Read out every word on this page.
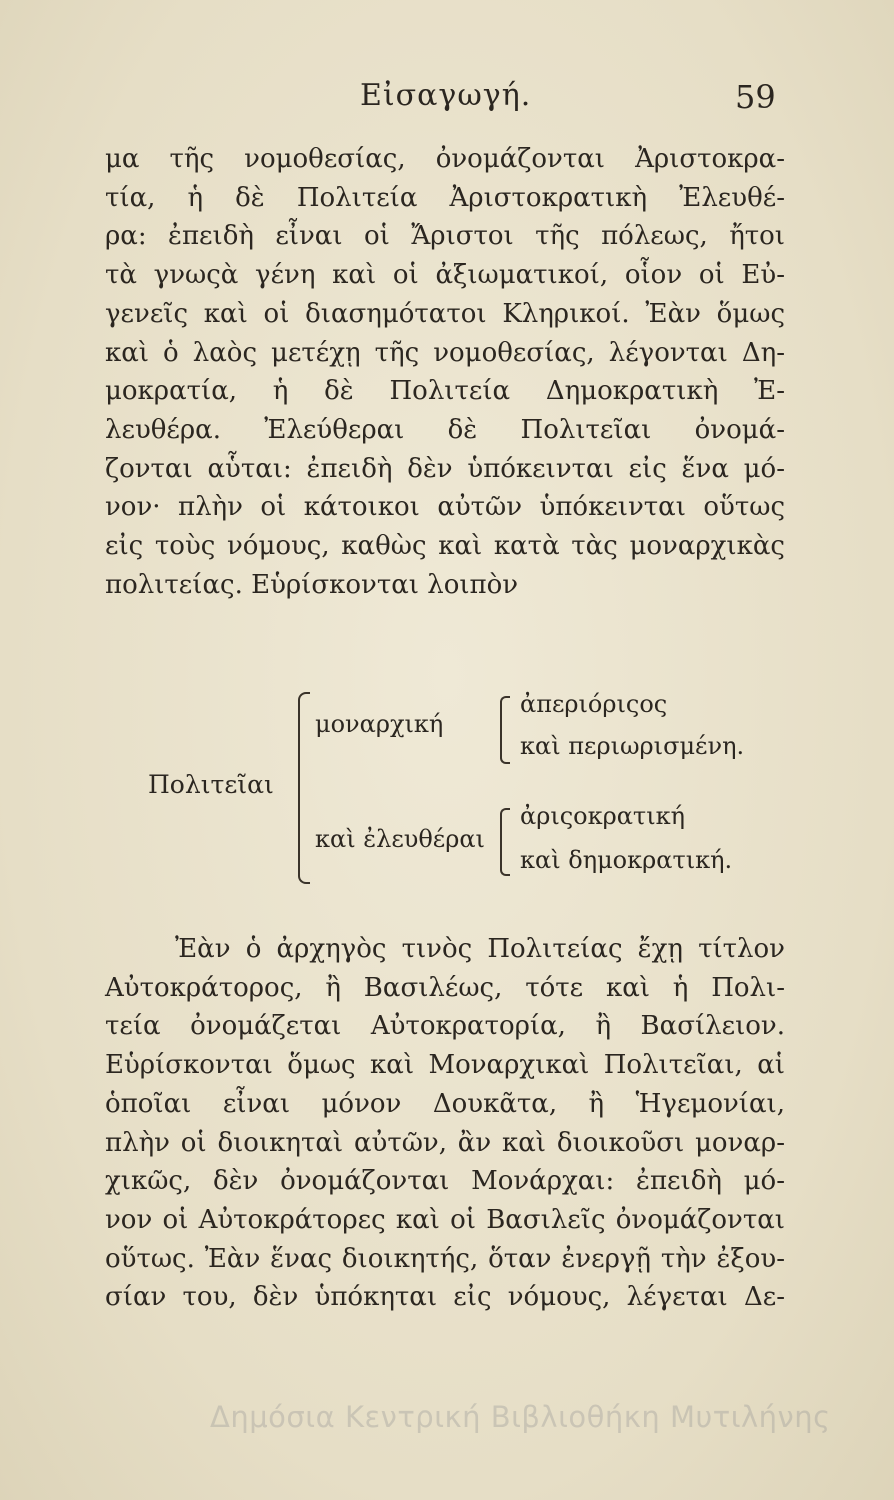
Εἰσαγωγή.	59
μα τῆς νομοθεσίας, ὀνομάζονται Ἀριστοκρα-
τία, ἡ δὲ Πολιτεία Ἀριστοκρατικὴ Ἐλευθέ-
ρα: ἐπειδὴ εἶναι οἱ Ἄριστοι τῆς πόλεως, ἤτοι
τὰ γνωςὰ γένη καὶ οἱ ἀξιωματικοί, οἷον οἱ Εὐ-
γενεῖς καὶ οἱ διασημότατοι Κληρικοί. Ἐὰν ὅμως
καὶ ὁ λαὸς μετέχῃ τῆς νομοθεσίας, λέγονται Δη-
μοκρατία, ἡ δὲ Πολιτεία Δημοκρατικὴ Ἐ-
λευθέρα. Ἐλεύθεραι δὲ Πολιτεῖαι ὀνομά-
ζονται αὗται: ἐπειδὴ δὲν ὑπόκεινται εἰς ἕνα μό-
νον· πλὴν οἱ κάτοικοι αὐτῶν ὑπόκεινται οὕτως
εἰς τοὺς νόμους, καθὼς καὶ κατὰ τὰς μοναρχικὰς
πολιτείας. Εὑρίσκονται λοιπὸν
Πολιτεῖαι
μοναρχική
ἀπεριόριςος
καὶ περιωρισμένη.
καὶ ἐλευθέραι
ἀριςοκρατική
καὶ δημοκρατική.
Ἐὰν ὁ ἀρχηγὸς τινὸς Πολιτείας ἔχῃ τίτλον
Αὐτοκράτορος, ἢ Βασιλέως, τότε καὶ ἡ Πολι-
τεία ὀνομάζεται Αὐτοκρατορία, ἢ Βασίλειον.
Εὑρίσκονται ὅμως καὶ Μοναρχικαὶ Πολιτεῖαι, αἱ
ὁποῖαι εἶναι μόνον Δουκᾶτα, ἢ Ἡγεμονίαι,
πλὴν οἱ διοικηταὶ αὐτῶν, ἂν καὶ διοικοῦσι μοναρ-
χικῶς, δὲν ὀνομάζονται Μονάρχαι: ἐπειδὴ μό-
νον οἱ Αὐτοκράτορες καὶ οἱ Βασιλεῖς ὀνομάζονται
οὕτως. Ἐὰν ἕνας διοικητής, ὅταν ἐνεργῇ τὴν ἐξου-
σίαν του, δὲν ὑπόκηται εἰς νόμους, λέγεται Δε-
Δημόσια Κεντρική Βιβλιοθήκη Μυτιλήνης
